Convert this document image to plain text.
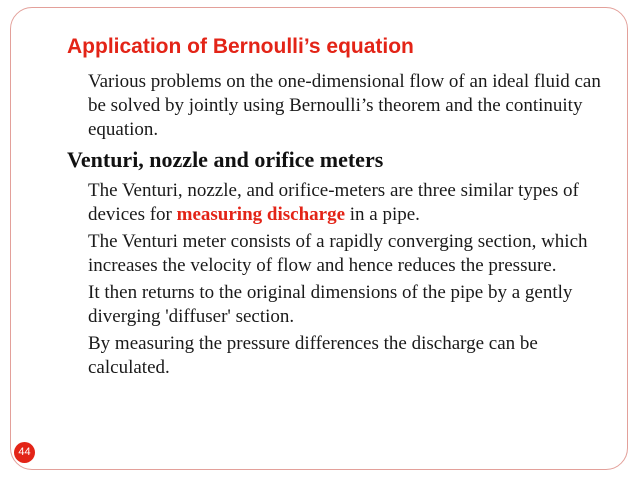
Application of Bernoulli’s equation
Various problems on the one-dimensional flow of an ideal fluid can be solved by jointly using Bernoulli’s theorem and the continuity equation.
Venturi, nozzle and orifice meters
The Venturi, nozzle, and orifice-meters are three similar types of devices for measuring discharge in a pipe.
The Venturi meter consists of a rapidly converging section, which increases the velocity of flow and hence reduces the pressure.
It then returns to the original dimensions of the pipe by a gently diverging 'diffuser' section.
By measuring the pressure differences the discharge can be calculated.
44
